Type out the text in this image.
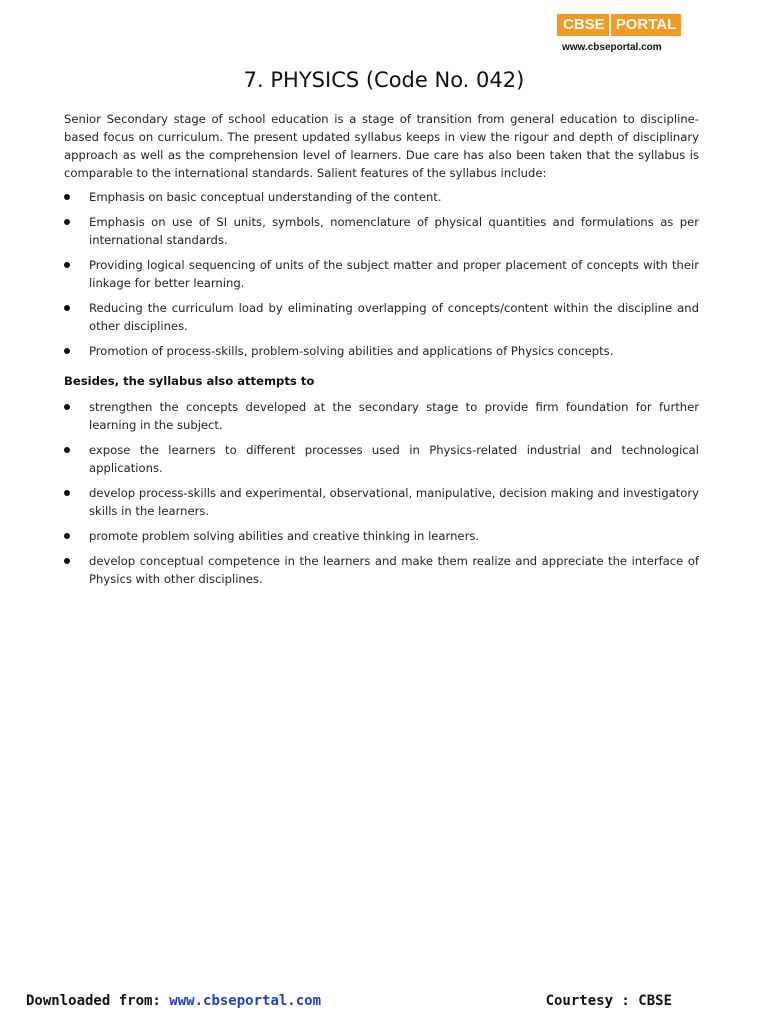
CBSE PORTAL
www.cbseportal.com
7. PHYSICS (Code No. 042)

Senior Secondary stage of school education is a stage of transition from general education to discipline-based focus on curriculum. The present updated syllabus keeps in view the rigour and depth of disciplinary approach as well as the comprehension level of learners. Due care has also been taken that the syllabus is comparable to the international standards. Salient features of the syllabus include:

Emphasis on basic conceptual understanding of the content.
Emphasis on use of SI units, symbols, nomenclature of physical quantities and formulations as per international standards.
Providing logical sequencing of units of the subject matter and proper placement of concepts with their linkage for better learning.
Reducing the curriculum load by eliminating overlapping of concepts/content within the discipline and other disciplines.
Promotion of process-skills, problem-solving abilities and applications of Physics concepts.
Besides, the syllabus also attempts to
strengthen the concepts developed at the secondary stage to provide firm foundation for further learning in the subject.
expose the learners to different processes used in Physics-related industrial and technological applications.
develop process-skills and experimental, observational, manipulative, decision making and investigatory skills in the learners.
promote problem solving abilities and creative thinking in learners.
develop conceptual competence in the learners and make them realize and appreciate the interface of Physics with other disciplines.
Downloaded from: www.cbseportal.com	Courtesy : CBSE
